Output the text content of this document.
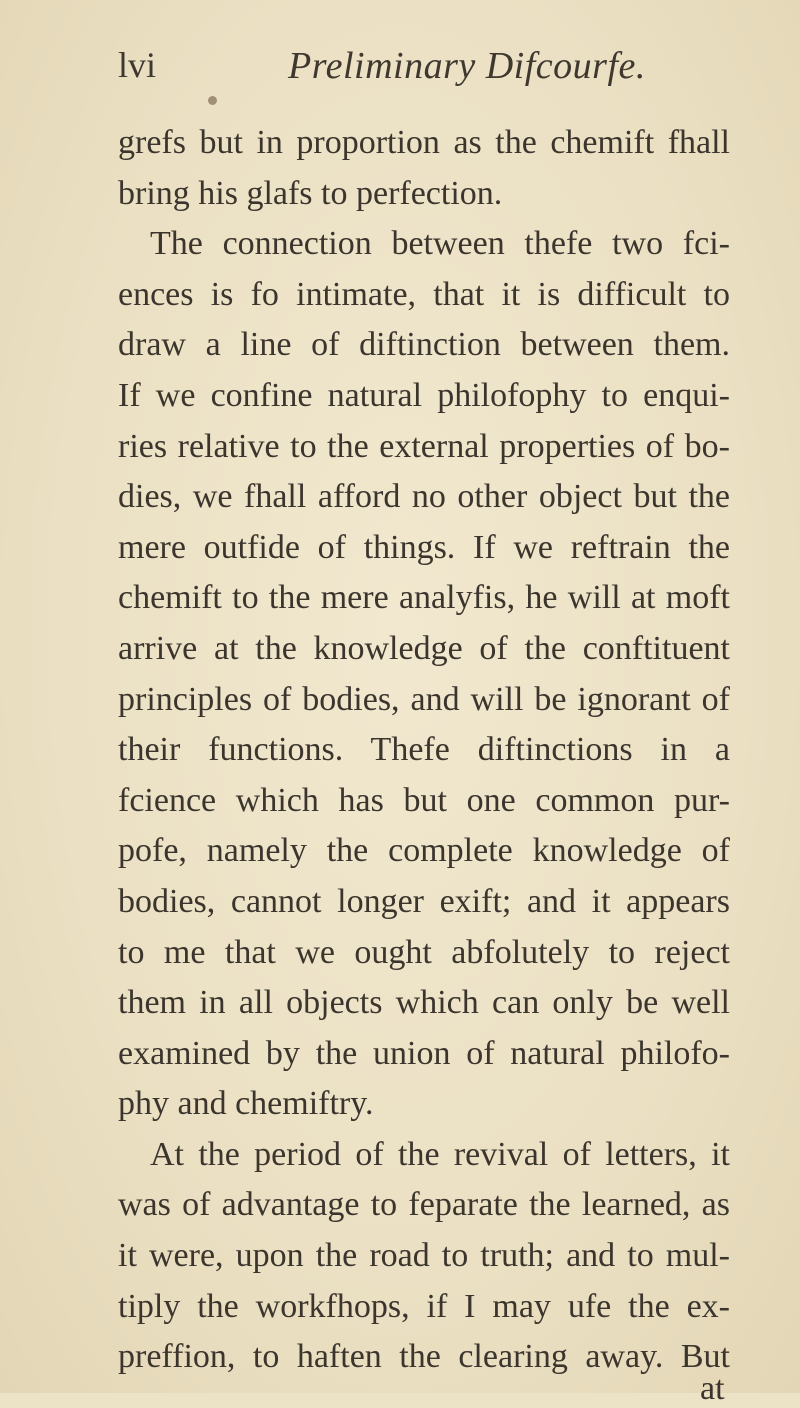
lvi	Preliminary Difcourfe.
grefs but in proportion as the chemift fhall
bring his glafs to perfection.
The connection between thefe two fci-
ences is fo intimate, that it is difficult to
draw a line of diftinction between them.
If we confine natural philofophy to enqui-
ries relative to the external properties of bo-
dies, we fhall afford no other object but the
mere outfide of things. If we reftrain the
chemift to the mere analyfis, he will at moft
arrive at the knowledge of the conftituent
principles of bodies, and will be ignorant of
their functions. Thefe diftinctions in a
fcience which has but one common pur-
pofe, namely the complete knowledge of
bodies, cannot longer exift; and it appears
to me that we ought abfolutely to reject
them in all objects which can only be well
examined by the union of natural philofo-
phy and chemiftry.
At the period of the revival of letters, it
was of advantage to feparate the learned, as
it were, upon the road to truth; and to mul-
tiply the workfhops, if I may ufe the ex-
preffion, to haften the clearing away. But
at
